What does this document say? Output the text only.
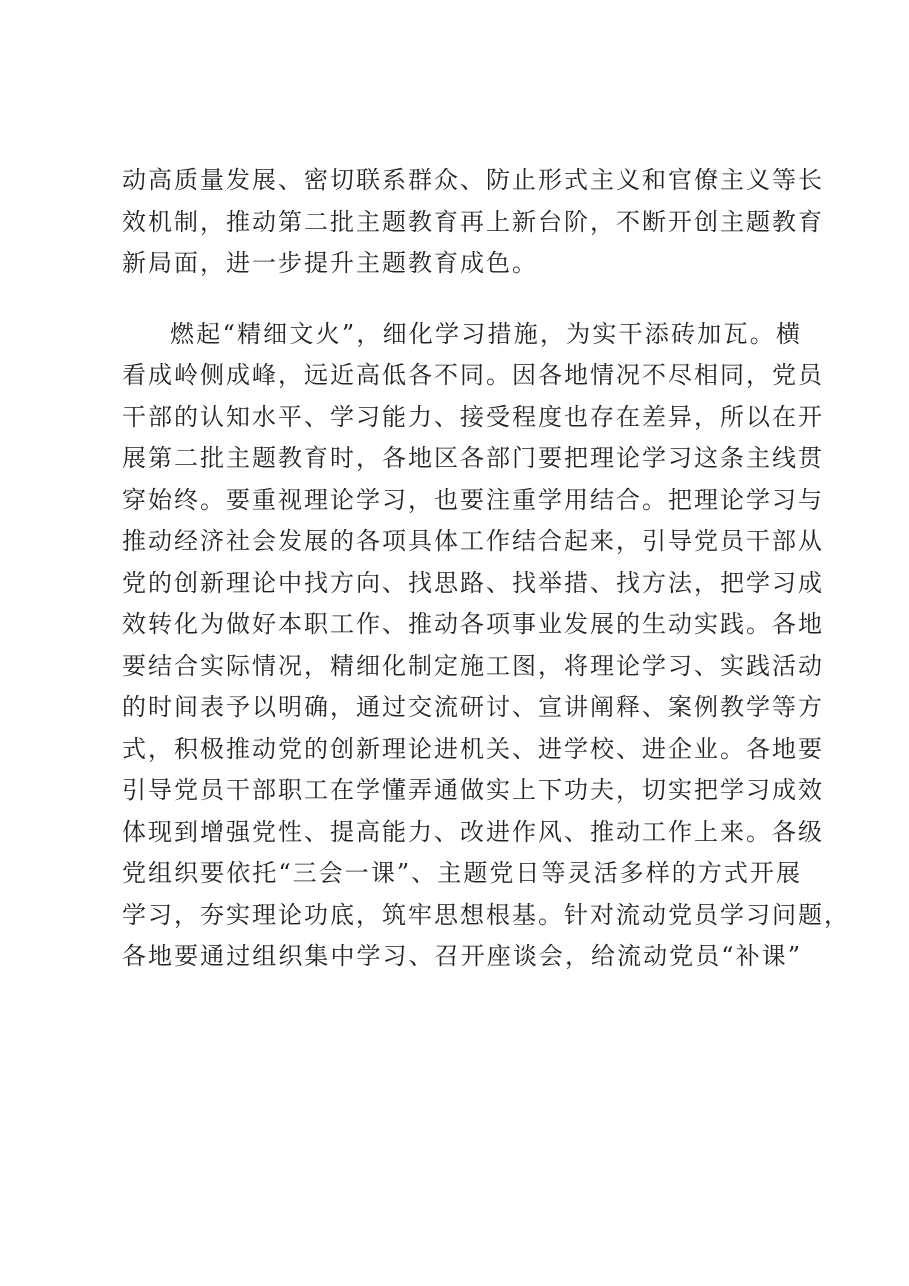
动高质量发展、密切联系群众、防止形式主义和官僚主义等长
效机制，推动第二批主题教育再上新台阶，不断开创主题教育
新局面，进一步提升主题教育成色。
燃起“精细文火”，细化学习措施，为实干添砖加瓦。横
看成岭侧成峰，远近高低各不同。因各地情况不尽相同，党员
干部的认知水平、学习能力、接受程度也存在差异，所以在开
展第二批主题教育时，各地区各部门要把理论学习这条主线贯
穿始终。要重视理论学习，也要注重学用结合。把理论学习与
推动经济社会发展的各项具体工作结合起来，引导党员干部从
党的创新理论中找方向、找思路、找举措、找方法，把学习成
效转化为做好本职工作、推动各项事业发展的生动实践。各地
要结合实际情况，精细化制定施工图，将理论学习、实践活动
的时间表予以明确，通过交流研讨、宣讲阐释、案例教学等方
式，积极推动党的创新理论进机关、进学校、进企业。各地要
引导党员干部职工在学懂弄通做实上下功夫，切实把学习成效
体现到增强党性、提高能力、改进作风、推动工作上来。各级
党组织要依托“三会一课”、主题党日等灵活多样的方式开展
学习，夯实理论功底，筑牢思想根基。针对流动党员学习问题，
各地要通过组织集中学习、召开座谈会，给流动党员“补课”
